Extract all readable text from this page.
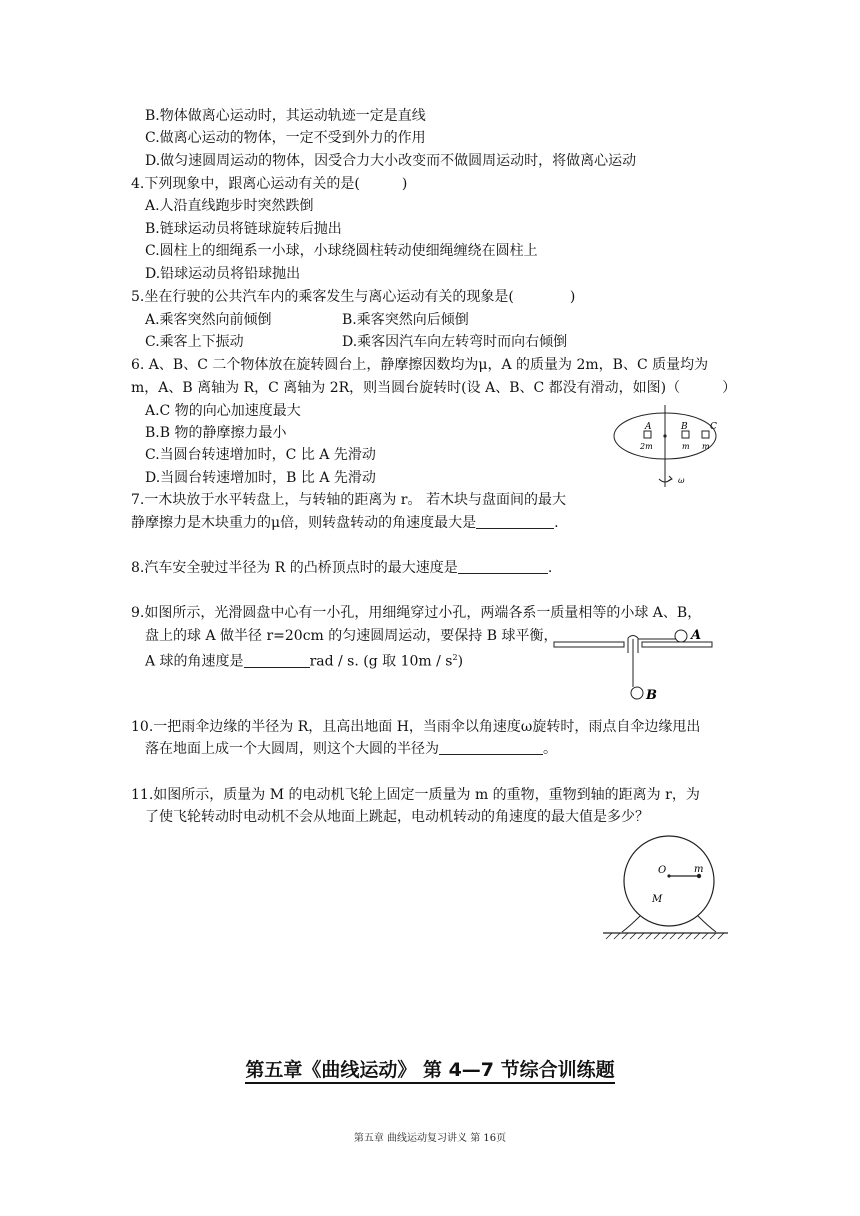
B.物体做离心运动时，其运动轨迹一定是直线
C.做离心运动的物体，一定不受到外力的作用
D.做匀速圆周运动的物体，因受合力大小改变而不做圆周运动时，将做离心运动
4.下列现象中，跟离心运动有关的是(　　　)
A.人沿直线跑步时突然跌倒
B.链球运动员将链球旋转后抛出
C.圆柱上的细绳系一小球，小球绕圆柱转动使细绳缠绕在圆柱上
D.铅球运动员将铅球抛出
5.坐在行驶的公共汽车内的乘客发生与离心运动有关的现象是(　　　　)
A.乘客突然向前倾倒	B.乘客突然向后倾倒
C.乘客上下振动	D.乘客因汽车向左转弯时而向右倾倒
6. A、B、C 二个物体放在旋转圆台上，静摩擦因数均为μ，A 的质量为 2m，B、C 质量均为
m，A、B 离轴为 R，C 离轴为 2R，则当圆台旋转时(设 A、B、C 都没有滑动，如图)（　　　）
A.C 物的向心加速度最大
B.B 物的静摩擦力最小
C.当圆台转速增加时，C 比 A 先滑动
D.当圆台转速增加时，B 比 A 先滑动
A	B C
2m	m m
ω
7.一木块放于水平转盘上，与转轴的距离为 r。 若木块与盘面间的最大
静摩擦力是木块重力的μ倍，则转盘转动的角速度最大是	.
8.汽车安全驶过半径为 R 的凸桥顶点时的最大速度是	.
9.如图所示，光滑圆盘中心有一小孔，用细绳穿过小孔，两端各系一质量相等的小球 A、B，
盘上的球 A 做半径 r=20cm 的匀速圆周运动，要保持 B 球平衡，
A 球的角速度是	rad / s. (g 取 $10m / s^2$)
A
B
10.一把雨伞边缘的半径为 R，且高出地面 H，当雨伞以角速度ω旋转时，雨点自伞边缘甩出
落在地面上成一个大圆周，则这个大圆的半径为	。
11.如图所示，质量为 M 的电动机飞轮上固定一质量为 m 的重物，重物到轴的距离为 r，为
了使飞轮转动时电动机不会从地面上跳起，电动机转动的角速度的最大值是多少？
O	m
M
第五章《曲线运动》 第 4—7 节综合训练题
第五章 曲线运动复习讲义 第 16页
